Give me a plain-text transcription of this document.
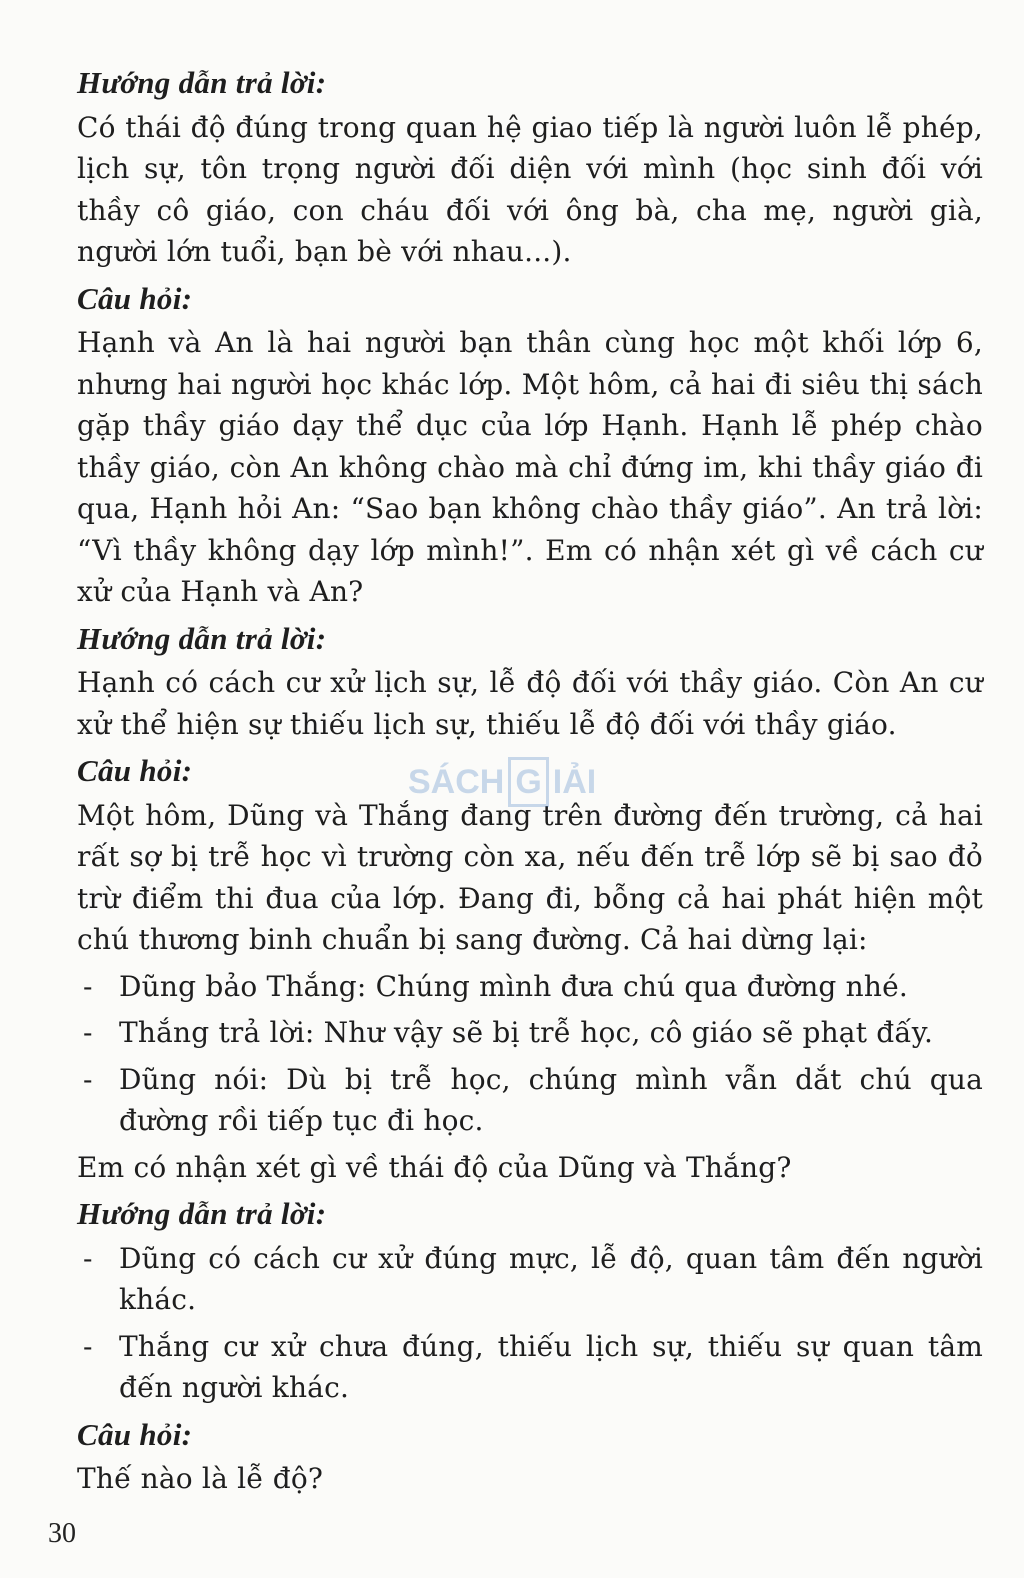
Hướng dẫn trả lời:

Có thái độ đúng trong quan hệ giao tiếp là người luôn lễ phép, lịch sự, tôn trọng người đối diện với mình (học sinh đối với thầy cô giáo, con cháu đối với ông bà, cha mẹ, người già, người lớn tuổi, bạn bè với nhau...).

Câu hỏi:

Hạnh và An là hai người bạn thân cùng học một khối lớp 6, nhưng hai người học khác lớp. Một hôm, cả hai đi siêu thị sách gặp thầy giáo dạy thể dục của lớp Hạnh. Hạnh lễ phép chào thầy giáo, còn An không chào mà chỉ đứng im, khi thầy giáo đi qua, Hạnh hỏi An: “Sao bạn không chào thầy giáo”. An trả lời: “Vì thầy không dạy lớp mình!”. Em có nhận xét gì về cách cư xử của Hạnh và An?

Hướng dẫn trả lời:

Hạnh có cách cư xử lịch sự, lễ độ đối với thầy giáo. Còn An cư xử thể hiện sự thiếu lịch sự, thiếu lễ độ đối với thầy giáo.

Câu hỏi:

Một hôm, Dũng và Thắng đang trên đường đến trường, cả hai rất sợ bị trễ học vì trường còn xa, nếu đến trễ lớp sẽ bị sao đỏ trừ điểm thi đua của lớp. Đang đi, bỗng cả hai phát hiện một chú thương binh chuẩn bị sang đường. Cả hai dừng lại:

- Dũng bảo Thắng: Chúng mình đưa chú qua đường nhé.
- Thắng trả lời: Như vậy sẽ bị trễ học, cô giáo sẽ phạt đấy.
- Dũng nói: Dù bị trễ học, chúng mình vẫn dắt chú qua đường rồi tiếp tục đi học.

Em có nhận xét gì về thái độ của Dũng và Thắng?

Hướng dẫn trả lời:
- Dũng có cách cư xử đúng mực, lễ độ, quan tâm đến người khác.
- Thắng cư xử chưa đúng, thiếu lịch sự, thiếu sự quan tâm đến người khác.
Câu hỏi:

Thế nào là lễ độ?

SÁCH G IẢI
30
